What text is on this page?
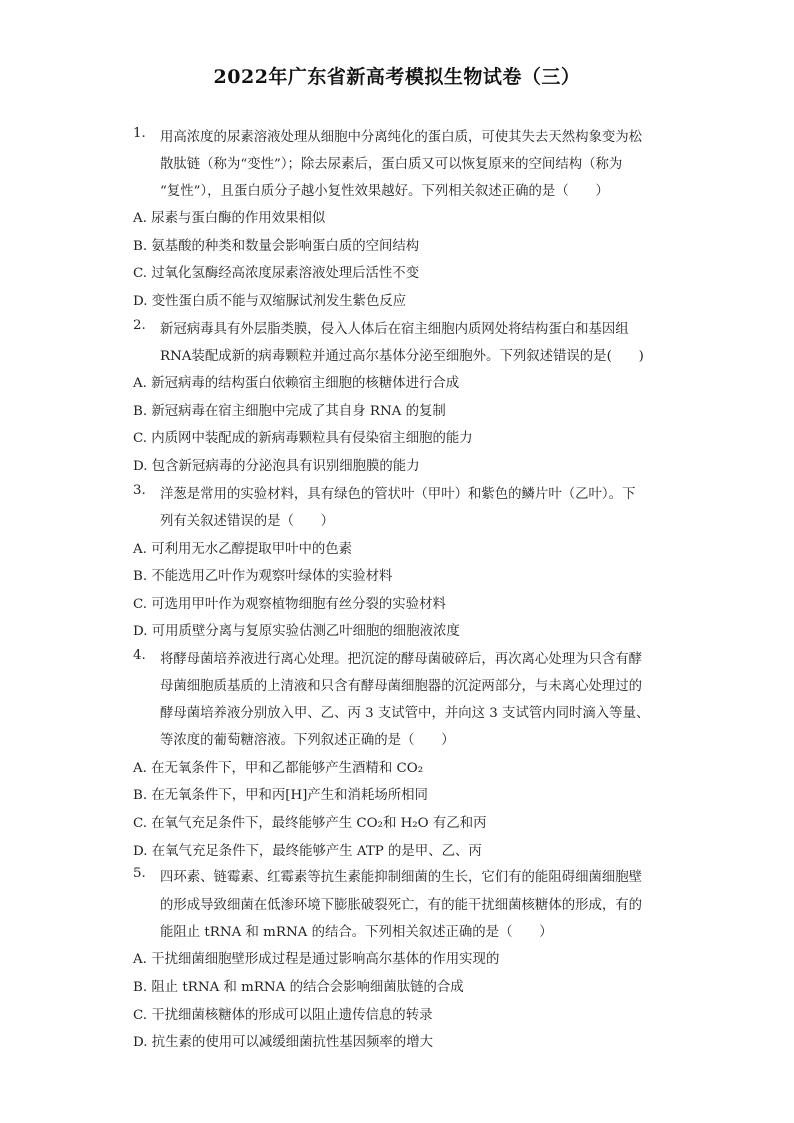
2022年广东省新高考模拟生物试卷（三）
1. 用高浓度的尿素溶液处理从细胞中分离纯化的蛋白质，可使其失去天然构象变为松
散肽链（称为“变性”）；除去尿素后，蛋白质又可以恢复原来的空间结构（称为
“复性”），且蛋白质分子越小复性效果越好。下列相关叙述正确的是（　　）
A. 尿素与蛋白酶的作用效果相似
B. 氨基酸的种类和数量会影响蛋白质的空间结构
C. 过氧化氢酶经高浓度尿素溶液处理后活性不变
D. 变性蛋白质不能与双缩脲试剂发生紫色反应
2. 新冠病毒具有外层脂类膜，侵入人体后在宿主细胞内质网处将结构蛋白和基因组
RNA装配成新的病毒颗粒并通过高尔基体分泌至细胞外。下列叙述错误的是(　　)
A. 新冠病毒的结构蛋白依赖宿主细胞的核糖体进行合成
B. 新冠病毒在宿主细胞中完成了其自身 RNA 的复制
C. 内质网中装配成的新病毒颗粒具有侵染宿主细胞的能力
D. 包含新冠病毒的分泌泡具有识别细胞膜的能力
3. 洋葱是常用的实验材料，具有绿色的管状叶（甲叶）和紫色的鳞片叶（乙叶）。下
列有关叙述错误的是（　　）
A. 可利用无水乙醇提取甲叶中的色素
B. 不能选用乙叶作为观察叶绿体的实验材料
C. 可选用甲叶作为观察植物细胞有丝分裂的实验材料
D. 可用质壁分离与复原实验估测乙叶细胞的细胞液浓度
4. 将酵母菌培养液进行离心处理。把沉淀的酵母菌破碎后，再次离心处理为只含有酵
母菌细胞质基质的上清液和只含有酵母菌细胞器的沉淀两部分，与未离心处理过的
酵母菌培养液分别放入甲、乙、丙 3 支试管中，并向这 3 支试管内同时滴入等量、
等浓度的葡萄糖溶液。下列叙述正确的是（　　）
A. 在无氧条件下，甲和乙都能够产生酒精和 CO₂
B. 在无氧条件下，甲和丙[H]产生和消耗场所相同
C. 在氧气充足条件下，最终能够产生 CO₂和 H₂O 有乙和丙
D. 在氧气充足条件下，最终能够产生 ATP 的是甲、乙、丙
5. 四环素、链霉素、红霉素等抗生素能抑制细菌的生长，它们有的能阻碍细菌细胞壁
的形成导致细菌在低渗环境下膨胀破裂死亡，有的能干扰细菌核糖体的形成，有的
能阻止 tRNA 和 mRNA 的结合。下列相关叙述正确的是（　　）
A. 干扰细菌细胞壁形成过程是通过影响高尔基体的作用实现的
B. 阻止 tRNA 和 mRNA 的结合会影响细菌肽链的合成
C. 干扰细菌核糖体的形成可以阻止遗传信息的转录
D. 抗生素的使用可以减缓细菌抗性基因频率的增大
